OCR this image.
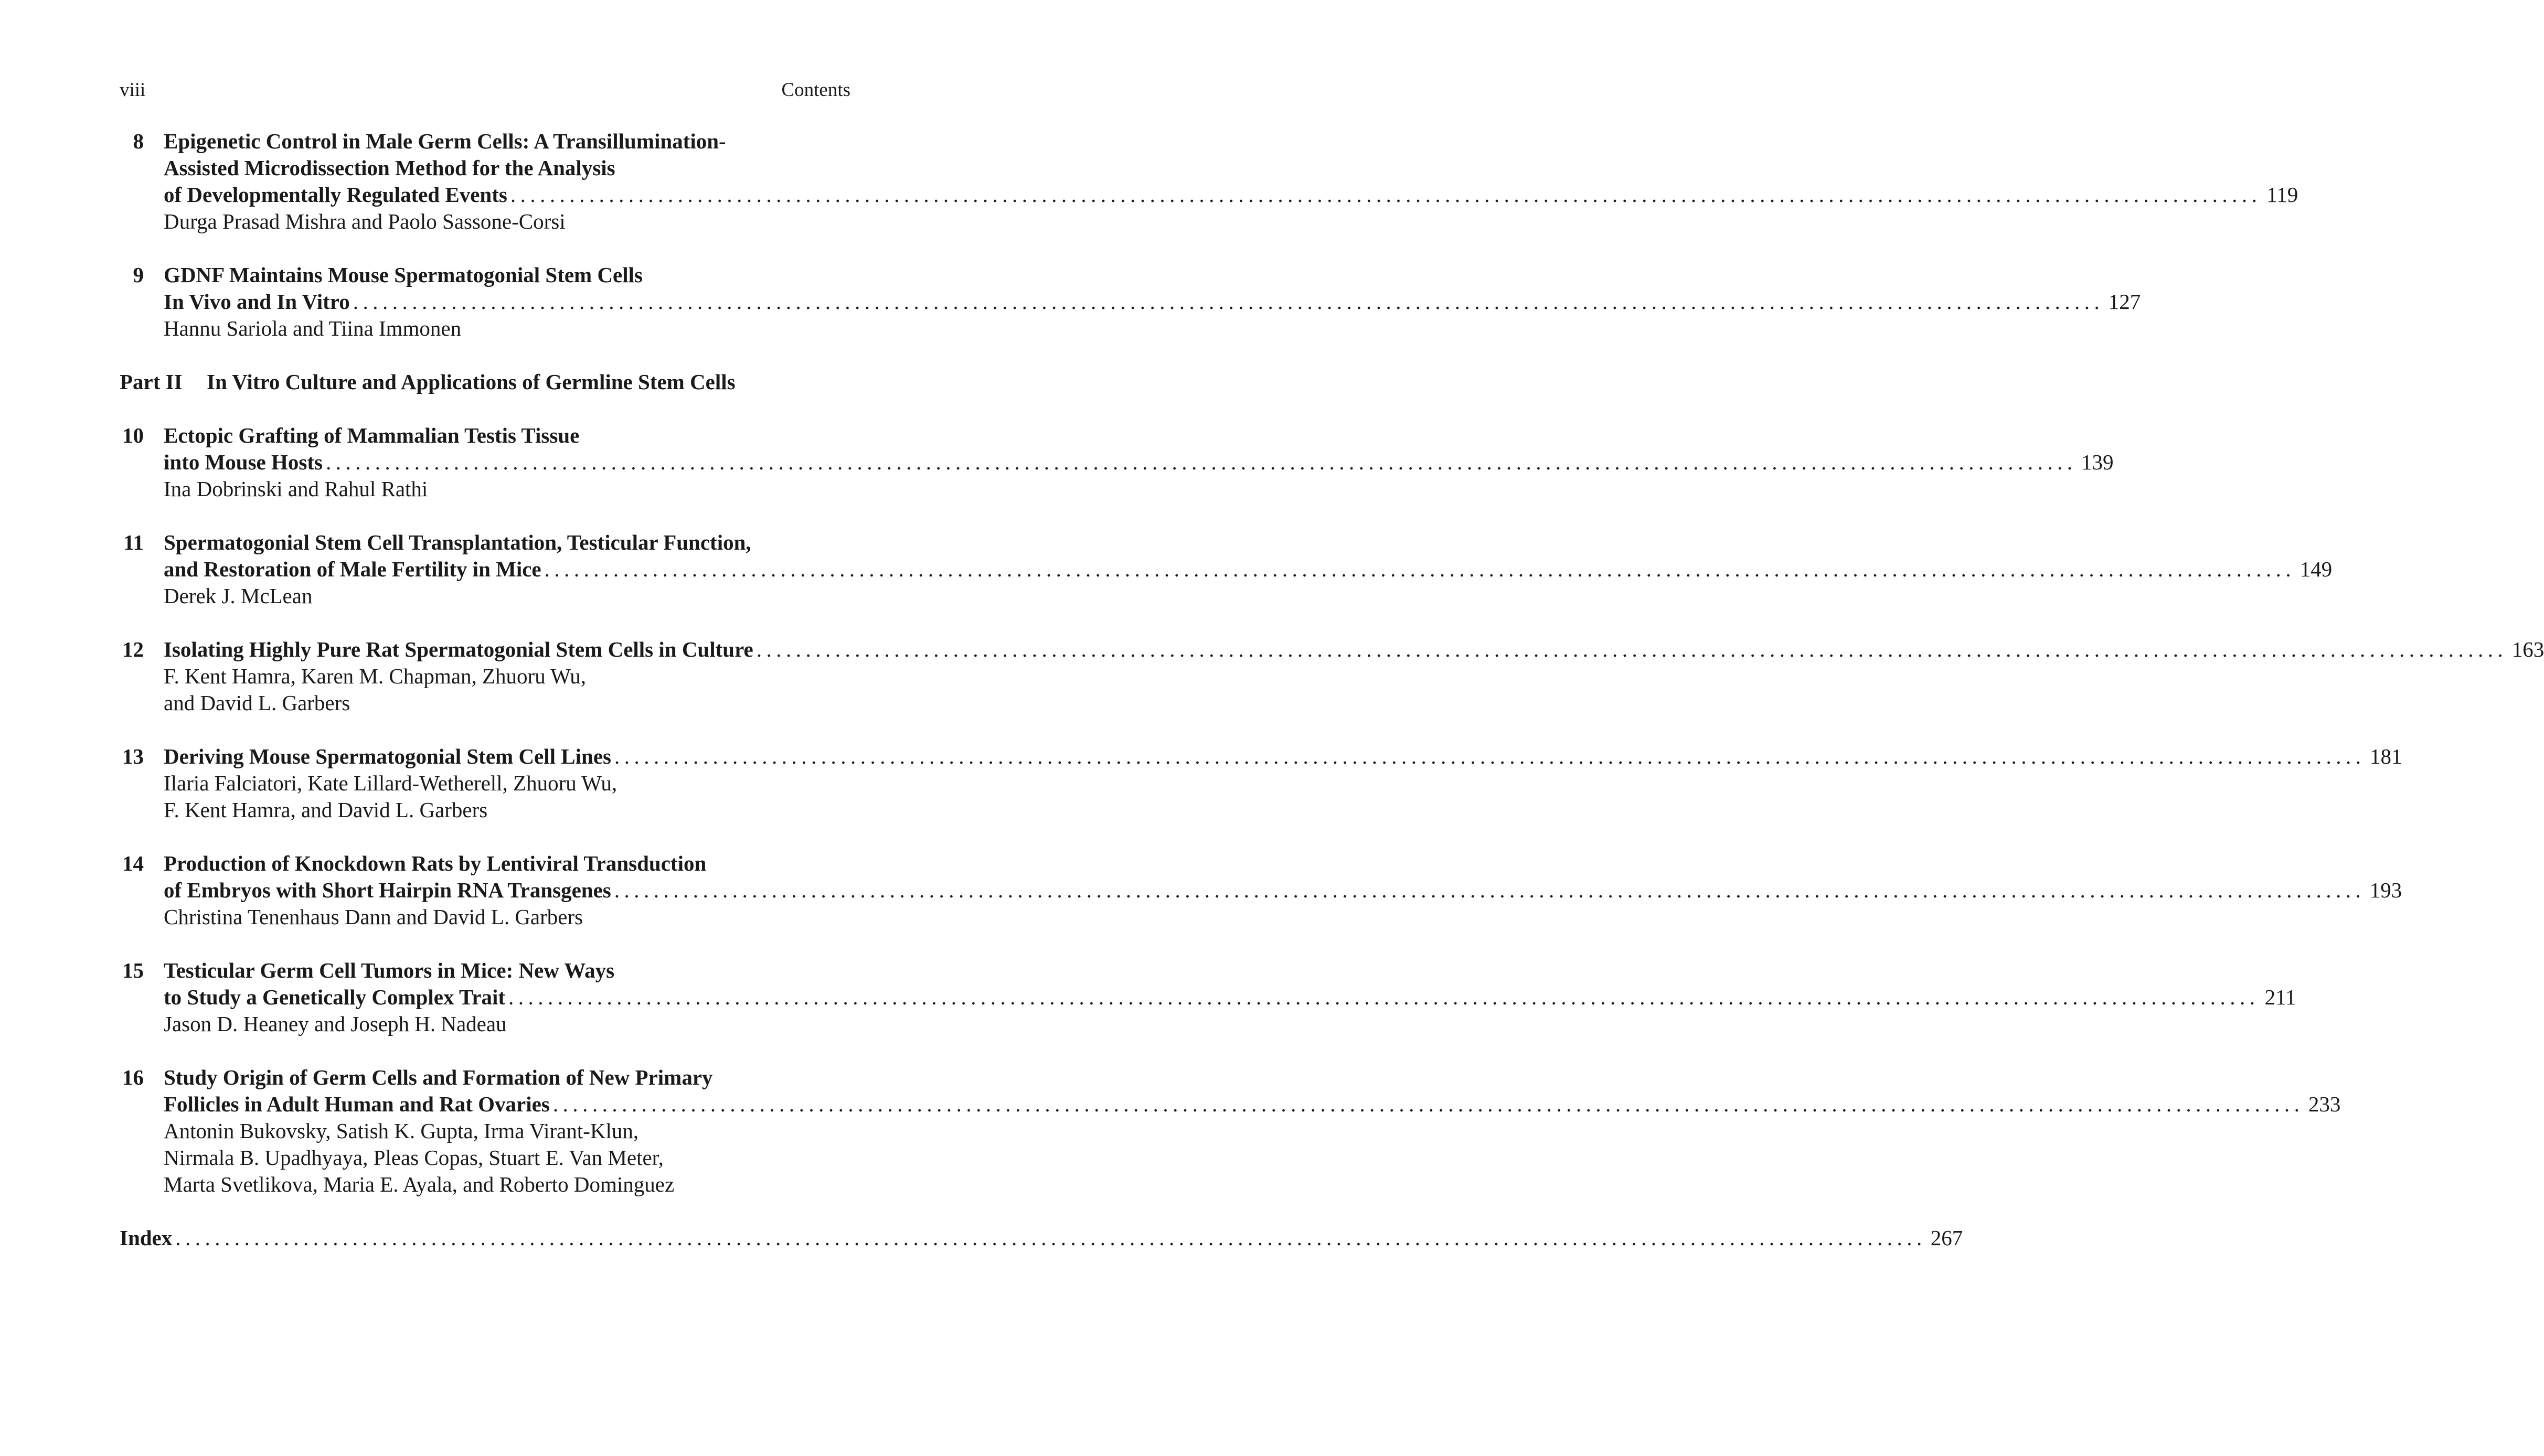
viii	Contents
8 Epigenetic Control in Male Germ Cells: A Transillumination-
Assisted Microdissection Method for the Analysis
of Developmentally Regulated Events .................................................................................................................................................................................. 119
Durga Prasad Mishra and Paolo Sassone-Corsi
9 GDNF Maintains Mouse Spermatogonial Stem Cells
In Vivo and In Vitro .................................................................................................................................................................................. 127
Hannu Sariola and Tiina Immonen
Part II	In Vitro Culture and Applications of Germline Stem Cells
10 Ectopic Grafting of Mammalian Testis Tissue
into Mouse Hosts .................................................................................................................................................................................. 139
Ina Dobrinski and Rahul Rathi
11 Spermatogonial Stem Cell Transplantation, Testicular Function,
and Restoration of Male Fertility in Mice .................................................................................................................................................................................. 149
Derek J. McLean
12 Isolating Highly Pure Rat Spermatogonial Stem Cells in Culture .................................................................................................................................................................................. 163
F. Kent Hamra, Karen M. Chapman, Zhuoru Wu,
and David L. Garbers
13 Deriving Mouse Spermatogonial Stem Cell Lines .................................................................................................................................................................................. 181
Ilaria Falciatori, Kate Lillard-Wetherell, Zhuoru Wu,
F. Kent Hamra, and David L. Garbers
14 Production of Knockdown Rats by Lentiviral Transduction
of Embryos with Short Hairpin RNA Transgenes .................................................................................................................................................................................. 193
Christina Tenenhaus Dann and David L. Garbers
15 Testicular Germ Cell Tumors in Mice: New Ways
to Study a Genetically Complex Trait .................................................................................................................................................................................. 211
Jason D. Heaney and Joseph H. Nadeau
16 Study Origin of Germ Cells and Formation of New Primary
Follicles in Adult Human and Rat Ovaries .................................................................................................................................................................................. 233
Antonin Bukovsky, Satish K. Gupta, Irma Virant-Klun,
Nirmala B. Upadhyaya, Pleas Copas, Stuart E. Van Meter,
Marta Svetlikova, Maria E. Ayala, and Roberto Dominguez
Index .................................................................................................................................................................................. 267
